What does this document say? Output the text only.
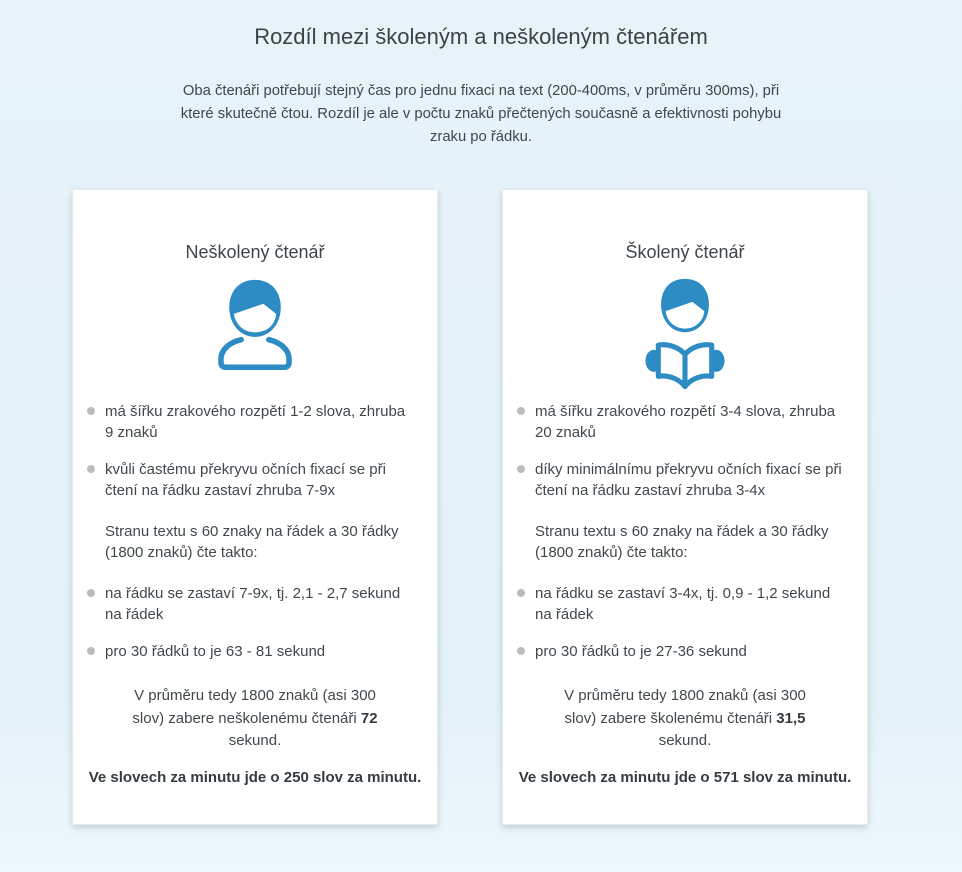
Rozdíl mezi školeným a neškoleným čtenářem
Oba čtenáři potřebují stejný čas pro jednu fixaci na text (200-400ms, v průměru 300ms), při které skutečně čtou. Rozdíl je ale v počtu znaků přečtených současně a efektivnosti pohybu zraku po řádku.
Neškolený čtenář
má šířku zrakového rozpětí 1-2 slova, zhruba 9 znaků
kvůli častému překryvu očních fixací se při čtení na řádku zastaví zhruba 7-9x
Stranu textu s 60 znaky na řádek a 30 řádky (1800 znaků) čte takto:
na řádku se zastaví 7-9x, tj. 2,1 - 2,7 sekund na řádek
pro 30 řádků to je 63 - 81 sekund
V průměru tedy 1800 znaků (asi 300 slov) zabere neškolenému čtenáři 72 sekund.
Ve slovech za minutu jde o 250 slov za minutu.
Školený čtenář
má šířku zrakového rozpětí 3-4 slova, zhruba 20 znaků
díky minimálnímu překryvu očních fixací se při čtení na řádku zastaví zhruba 3-4x
Stranu textu s 60 znaky na řádek a 30 řádky (1800 znaků) čte takto:
na řádku se zastaví 3-4x, tj. 0,9 - 1,2 sekund na řádek
pro 30 řádků to je 27-36 sekund
V průměru tedy 1800 znaků (asi 300 slov) zabere školenému čtenáři 31,5 sekund.
Ve slovech za minutu jde o 571 slov za minutu.
